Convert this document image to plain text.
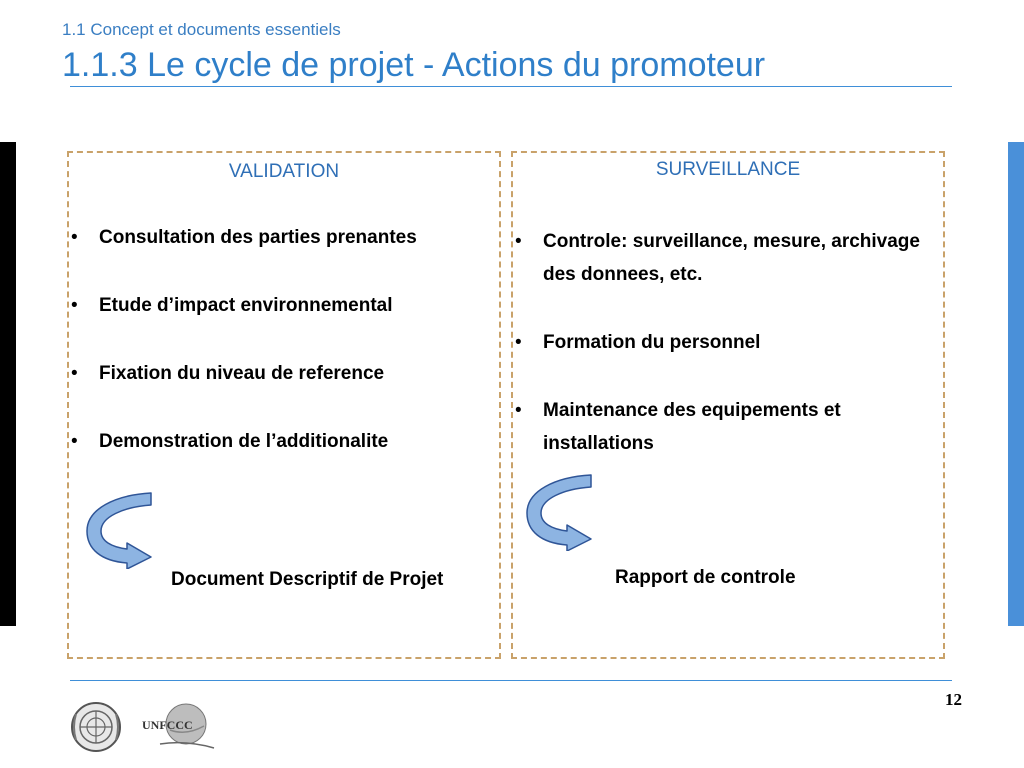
1.1 Concept et documents essentiels
1.1.3 Le cycle de projet - Actions du promoteur
VALIDATION
• Consultation des parties prenantes
• Etude d’impact environnemental
• Fixation du niveau de reference
• Demonstration de l’additionalite
Document Descriptif de Projet
SURVEILLANCE
• Controle: surveillance, mesure, archivage des donnees, etc.
• Formation du personnel
• Maintenance des equipements et installations
Rapport de controle
12
UNFCCC
